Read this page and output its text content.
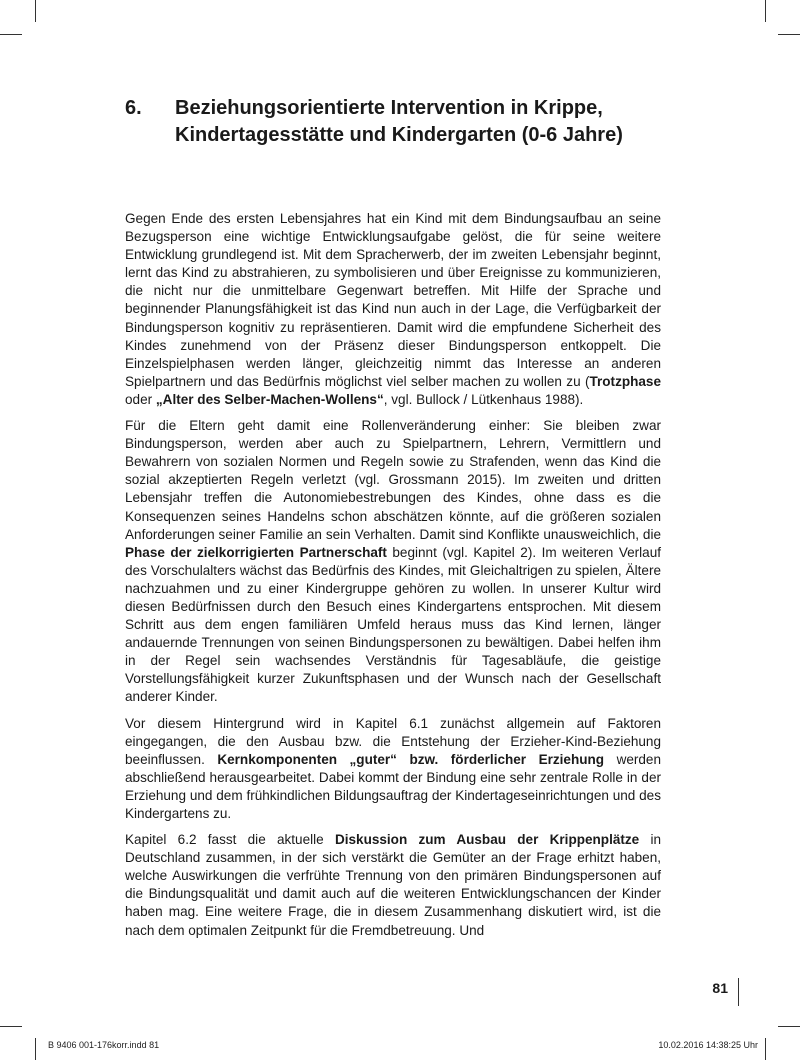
6. Beziehungsorientierte Intervention in Krippe, Kindertagesstätte und Kindergarten (0-6 Jahre)

Gegen Ende des ersten Lebensjahres hat ein Kind mit dem Bindungsaufbau an seine Bezugsperson eine wichtige Entwicklungsaufgabe gelöst, die für seine weitere Entwicklung grundlegend ist. Mit dem Spracherwerb, der im zweiten Lebensjahr beginnt, lernt das Kind zu abstrahieren, zu symbolisieren und über Ereignisse zu kommunizieren, die nicht nur die unmittelbare Gegenwart betreffen. Mit Hilfe der Sprache und beginnender Planungsfähigkeit ist das Kind nun auch in der Lage, die Verfügbarkeit der Bindungsperson kognitiv zu repräsentieren. Damit wird die empfundene Sicherheit des Kindes zunehmend von der Präsenz dieser Bindungsperson entkoppelt. Die Einzelspielphasen werden länger, gleichzeitig nimmt das Interesse an anderen Spielpartnern und das Bedürfnis möglichst viel selber machen zu wollen zu (Trotzphase oder „Alter des Selber-Machen-Wollens“, vgl. Bullock / Lütkenhaus 1988).

Für die Eltern geht damit eine Rollenveränderung einher: Sie bleiben zwar Bindungsperson, werden aber auch zu Spielpartnern, Lehrern, Vermittlern und Bewahrern von sozialen Normen und Regeln sowie zu Strafenden, wenn das Kind die sozial akzeptierten Regeln verletzt (vgl. Grossmann 2015). Im zweiten und dritten Lebensjahr treffen die Autonomiebestrebungen des Kindes, ohne dass es die Konsequenzen seines Handelns schon abschätzen könnte, auf die größeren sozialen Anforderungen seiner Familie an sein Verhalten. Damit sind Konflikte unausweichlich, die Phase der zielkorrigierten Partnerschaft beginnt (vgl. Kapitel 2). Im weiteren Verlauf des Vorschulalters wächst das Bedürfnis des Kindes, mit Gleichaltrigen zu spielen, Ältere nachzuahmen und zu einer Kindergruppe gehören zu wollen. In unserer Kultur wird diesen Bedürfnissen durch den Besuch eines Kindergartens entsprochen. Mit diesem Schritt aus dem engen familiären Umfeld heraus muss das Kind lernen, länger andauernde Trennungen von seinen Bindungspersonen zu bewältigen. Dabei helfen ihm in der Regel sein wachsendes Verständnis für Tagesabläufe, die geistige Vorstellungsfähigkeit kurzer Zukunftsphasen und der Wunsch nach der Gesellschaft anderer Kinder.

Vor diesem Hintergrund wird in Kapitel 6.1 zunächst allgemein auf Faktoren eingegangen, die den Ausbau bzw. die Entstehung der Erzieher-Kind-Beziehung beeinflussen. Kernkomponenten „guter“ bzw. förderlicher Erziehung werden abschließend herausgearbeitet. Dabei kommt der Bindung eine sehr zentrale Rolle in der Erziehung und dem frühkindlichen Bildungsauftrag der Kindertageseinrichtungen und des Kindergartens zu.

Kapitel 6.2 fasst die aktuelle Diskussion zum Ausbau der Krippenplätze in Deutschland zusammen, in der sich verstärkt die Gemüter an der Frage erhitzt haben, welche Auswirkungen die verfrühte Trennung von den primären Bindungspersonen auf die Bindungsqualität und damit auch auf die weiteren Entwicklungschancen der Kinder haben mag. Eine weitere Frage, die in diesem Zusammenhang diskutiert wird, ist die nach dem optimalen Zeitpunkt für die Fremdbetreuung. Und

81
B 9406 001-176korr.indd 81	10.02.2016 14:38:25 Uhr
